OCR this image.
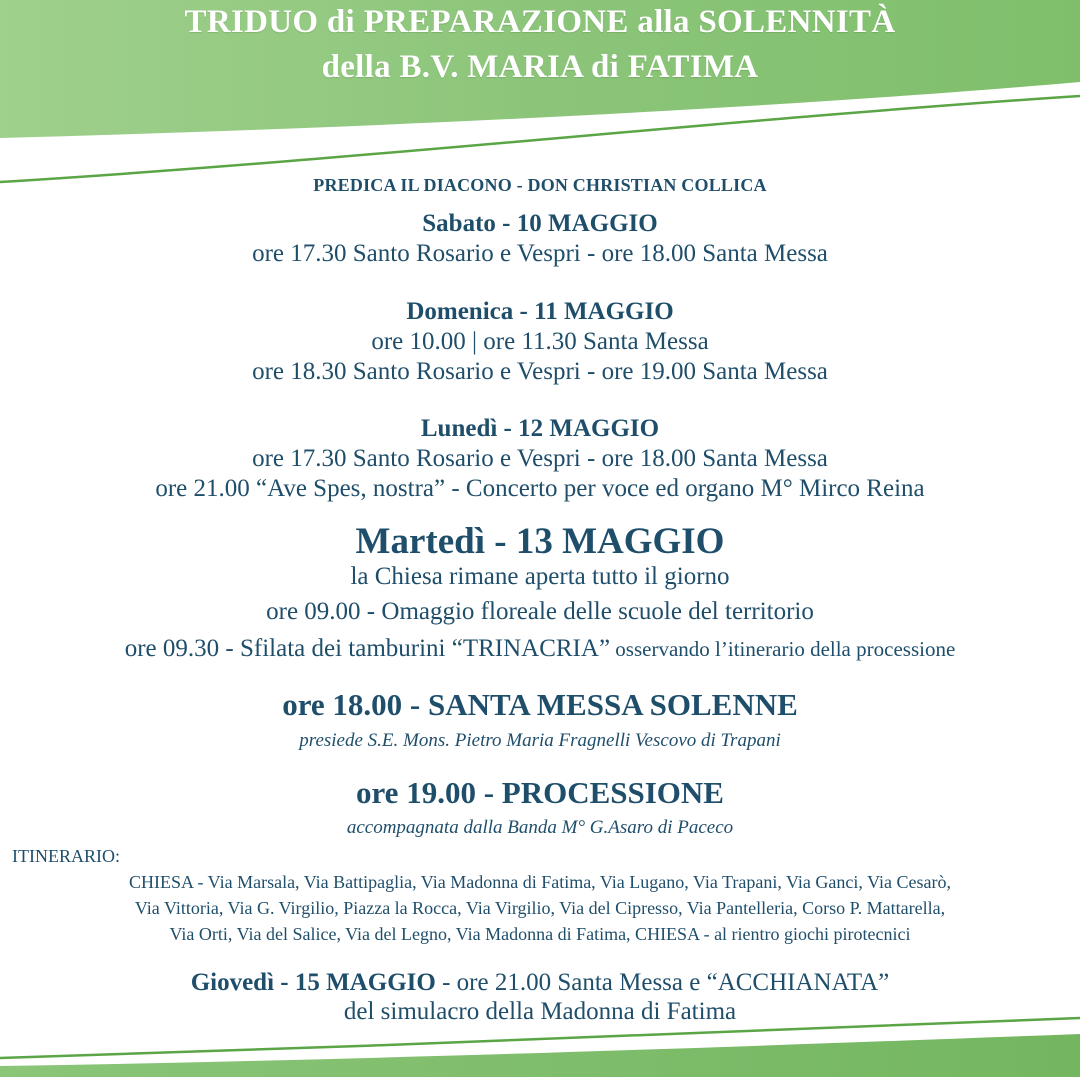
TRIDUO di PREPARAZIONE alla SOLENNITÀ
della B.V. MARIA di FATIMA
PREDICA IL DIACONO - DON CHRISTIAN COLLICA
Sabato - 10 MAGGIO
ore 17.30 Santo Rosario e Vespri - ore 18.00 Santa Messa
Domenica - 11 MAGGIO
ore 10.00 | ore 11.30 Santa Messa
ore 18.30 Santo Rosario e Vespri - ore 19.00 Santa Messa
Lunedì - 12 MAGGIO
ore 17.30 Santo Rosario e Vespri - ore 18.00 Santa Messa
ore 21.00 “Ave Spes, nostra” - Concerto per voce ed organo M° Mirco Reina
Martedì - 13 MAGGIO
la Chiesa rimane aperta tutto il giorno
ore 09.00 - Omaggio floreale delle scuole del territorio
ore 09.30 - Sfilata dei tamburini “TRINACRIA” osservando l’itinerario della processione
ore 18.00 - SANTA MESSA SOLENNE
presiede S.E. Mons. Pietro Maria Fragnelli Vescovo di Trapani
ore 19.00 - PROCESSIONE
accompagnata dalla Banda M° G.Asaro di Paceco
ITINERARIO:
CHIESA - Via Marsala, Via Battipaglia, Via Madonna di Fatima, Via Lugano, Via Trapani, Via Ganci, Via Cesarò,
Via Vittoria, Via G. Virgilio, Piazza la Rocca, Via Virgilio, Via del Cipresso, Via Pantelleria, Corso P. Mattarella,
Via Orti, Via del Salice, Via del Legno, Via Madonna di Fatima, CHIESA - al rientro giochi pirotecnici
Giovedì - 15 MAGGIO - ore 21.00 Santa Messa e “ACCHIANATA”
del simulacro della Madonna di Fatima
